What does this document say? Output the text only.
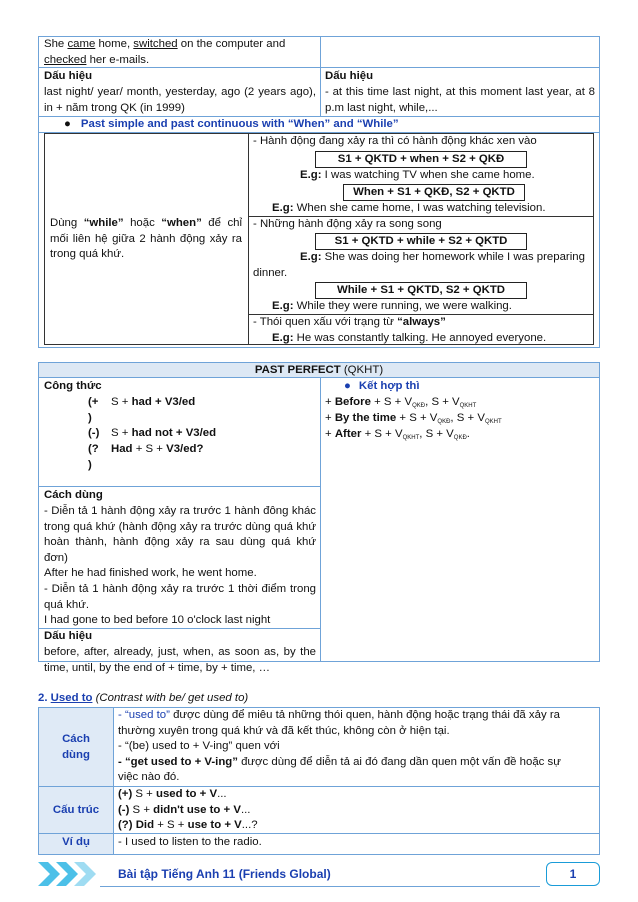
She came home, switched on the computer and
checked her e-mails.
Dấu hiệu
last night/ year/ month, yesterday, ago (2 years ago), in + năm trong QK (in 1999)
Dấu hiệu
- at this time last night, at this moment last year, at 8 p.m last night, while,...
● Past simple and past continuous with “When” and “While”
Dùng “while” hoặc “when” để chỉ mối liên hệ giữa 2 hành động xảy ra trong quá khứ.
- Hành động đang xảy ra thì có hành động khác xen vào
S1 + QKTD + when + S2 + QKĐ
E.g: I was watching TV when she came home.
When + S1 + QKĐ, S2 + QKTD
E.g: When she came home, I was watching television.
- Những hành động xảy ra song song
S1 + QKTD + while + S2 + QKTD
E.g: She was doing her homework while I was preparing
dinner.
While + S1 + QKTD, S2 + QKTD
E.g: While they were running, we were walking.
- Thói quen xấu với trạng từ “always”
E.g: He was constantly talking. He annoyed everyone.
PAST PERFECT (QKHT)
Công thức
(+ S + had + V3/ed
)
(-) S + had not + V3/ed
(? Had + S + V3/ed?
)
● Kết hợp thì
+ Before + $S + V_{QKĐ}$, $S + V_{QKHT}$
+ By the time + $S + V_{QKĐ}$, $S + V_{QKHT}$
+ After + $S + V_{QKHT}$, $S + V_{QKĐ}$.
Cách dùng
- Diễn tả 1 hành động xảy ra trước 1 hành đông khác trong quá khứ (hành động xảy ra trước dùng quá khứ hoàn thành, hành động xảy ra sau dùng quá khứ đơn)
After he had finished work, he went home.
- Diễn tả 1 hành động xảy ra trước 1 thời điểm trong quá khứ.
I had gone to bed before 10 o'clock last night
Dấu hiệu
before, after, already, just, when, as soon as, by the time, until, by the end of + time, by + time, …
2. Used to (Contrast with be/ get used to)
Cách
dùng
- “used to” được dùng để miêu tả những thói quen, hành động hoặc trạng thái đã xảy ra
thường xuyên trong quá khứ và đã kết thúc, không còn ở hiện tại.
- “(be) used to + V-ing” quen với
- “get used to + V-ing” được dùng để diễn tả ai đó đang dần quen một vấn đề hoặc sự
việc nào đó.
Cấu trúc
(+) S + used to + V...
(-) S + didn't use to + V...
(?) Did + S + use to + V...?
Ví dụ	- I used to listen to the radio.
Bài tập Tiếng Anh 11 (Friends Global)	1
